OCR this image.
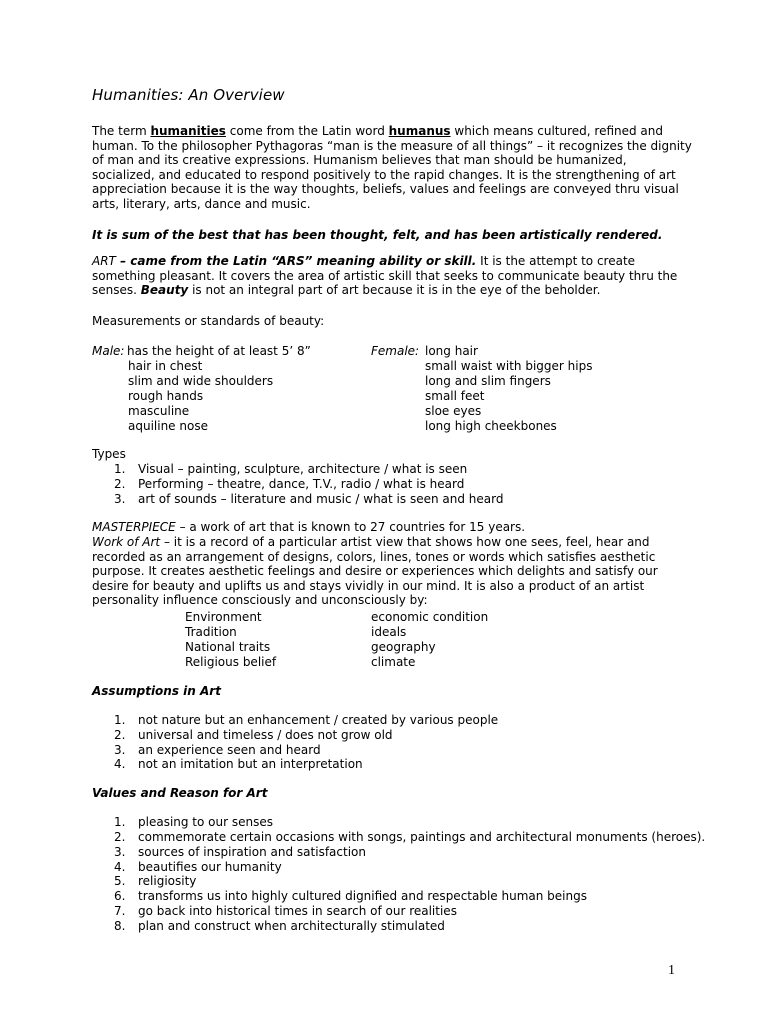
Humanities: An Overview

The term humanities come from the Latin word humanus which means cultured, refined and human. To the philosopher Pythagoras “man is the measure of all things” – it recognizes the dignity of man and its creative expressions. Humanism believes that man should be humanized, socialized, and educated to respond positively to the rapid changes. It is the strengthening of art appreciation because it is the way thoughts, beliefs, values and feelings are conveyed thru visual arts, literary, arts, dance and music.

It is sum of the best that has been thought, felt, and has been artistically rendered.

ART – came from the Latin “ARS” meaning ability or skill. It is the attempt to create something pleasant. It covers the area of artistic skill that seeks to communicate beauty thru the senses. Beauty is not an integral part of art because it is in the eye of the beholder.

Measurements or standards of beauty:

Male: has the height of at least 5’ 8”	Female: long hair
hair in chest	small waist with bigger hips
slim and wide shoulders	long and slim fingers
rough hands	small feet
masculine	sloe eyes
aquiline nose	long high cheekbones

Types

1.	Visual – painting, sculpture, architecture / what is seen
2.	Performing – theatre, dance, T.V., radio / what is heard
3.	art of sounds – literature and music / what is seen and heard

MASTERPIECE – a work of art that is known to 27 countries for 15 years.

Work of Art – it is a record of a particular artist view that shows how one sees, feel, hear and recorded as an arrangement of designs, colors, lines, tones or words which satisfies aesthetic purpose. It creates aesthetic feelings and desire or experiences which delights and satisfy our desire for beauty and uplifts us and stays vividly in our mind. It is also a product of an artist personality influence consciously and unconsciously by:

Environment	economic condition
Tradition	ideals
National traits	geography
Religious belief	climate
Assumptions in Art
1.	not nature but an enhancement / created by various people
2.	universal and timeless / does not grow old
3.	an experience seen and heard
4.	not an imitation but an interpretation
Values and Reason for Art
1.	pleasing to our senses
2.	commemorate certain occasions with songs, paintings and architectural monuments (heroes).
3.	sources of inspiration and satisfaction
4.	beautifies our humanity
5.	religiosity
6.	transforms us into highly cultured dignified and respectable human beings
7.	go back into historical times in search of our realities
8.	plan and construct when architecturally stimulated
1
